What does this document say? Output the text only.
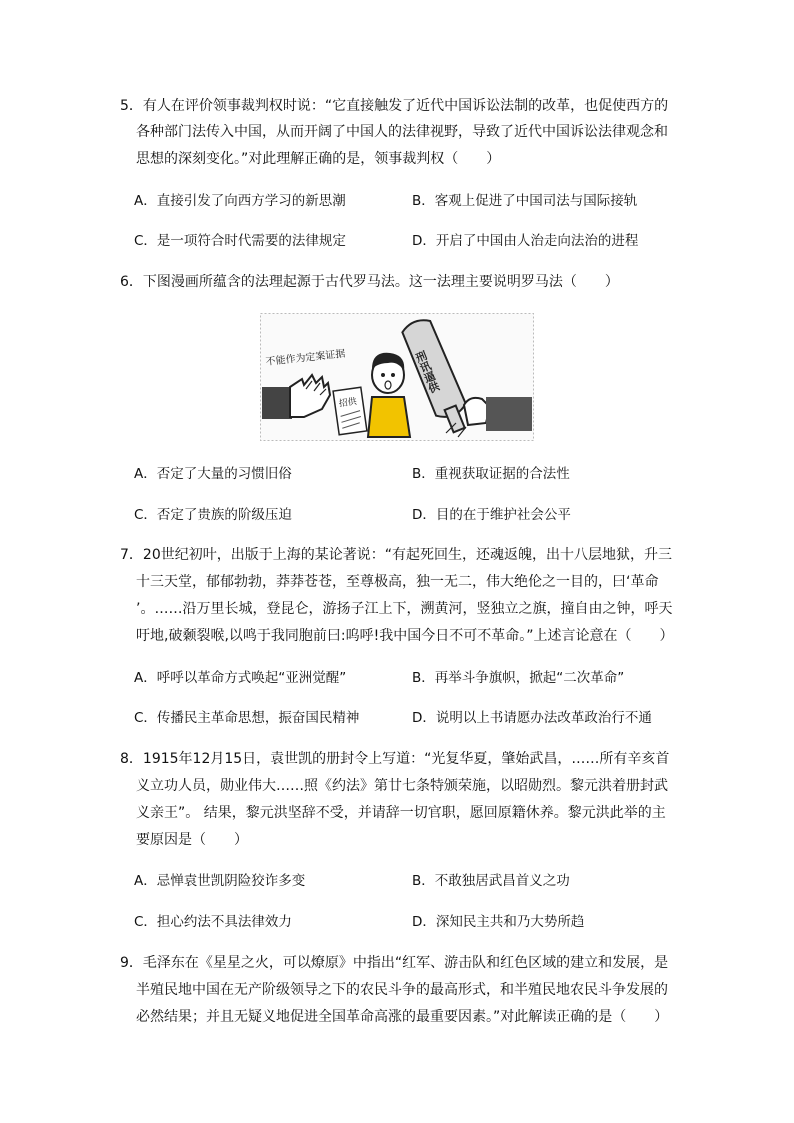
5．有人在评价领事裁判权时说：“它直接触发了近代中国诉讼法制的改革，也促使西方的
各种部门法传入中国，从而开阔了中国人的法律视野，导致了近代中国诉讼法律观念和
思想的深刻变化。”对此理解正确的是，领事裁判权（　　）
A．直接引发了向西方学习的新思潮	B．客观上促进了中国司法与国际接轨
C．是一项符合时代需要的法律规定	D．开启了中国由人治走向法治的进程
6．下图漫画所蕴含的法理起源于古代罗马法。这一法理主要说明罗马法（　　）
不能作为定案证据
招供
刑讯逼供
A．否定了大量的习惯旧俗	B．重视获取证据的合法性
C．否定了贵族的阶级压迫	D．目的在于维护社会公平
7．20世纪初叶，出版于上海的某论著说：“有起死回生，还魂返魄，出十八层地狱，升三
十三天堂，郁郁勃勃，莽莽苍苍，至尊极高，独一无二，伟大绝伦之一目的，曰‘革命
’。……沿万里长城，登昆仑，游扬子江上下，溯黄河，竖独立之旗，撞自由之钟，呼天
吁地,破颡裂喉,以鸣于我同胞前曰:呜呼!我中国今日不可不革命。”上述言论意在（　　）
A．呼呼以革命方式唤起“亚洲觉醒”	B．再举斗争旗帜，掀起“二次革命”
C．传播民主革命思想，振奋国民精神	D．说明以上书请愿办法改革政治行不通
8．1915年12月15日，袁世凯的册封令上写道：“光复华夏，肇始武昌，……所有辛亥首
义立功人员，勋业伟大……照《约法》第廿七条特颁荣施，以昭勋烈。黎元洪着册封武
义亲王”。 结果，黎元洪坚辞不受，并请辞一切官职，愿回原籍休养。黎元洪此举的主
要原因是（　　）
A．忌惮袁世凯阴险狡诈多变	B．不敢独居武昌首义之功
C．担心约法不具法律效力	D．深知民主共和乃大势所趋
9．毛泽东在《星星之火，可以燎原》中指出“红军、游击队和红色区域的建立和发展，是
半殖民地中国在无产阶级领导之下的农民斗争的最高形式，和半殖民地农民斗争发展的
必然结果；并且无疑义地促进全国革命高涨的最重要因素。”对此解读正确的是（　　）
